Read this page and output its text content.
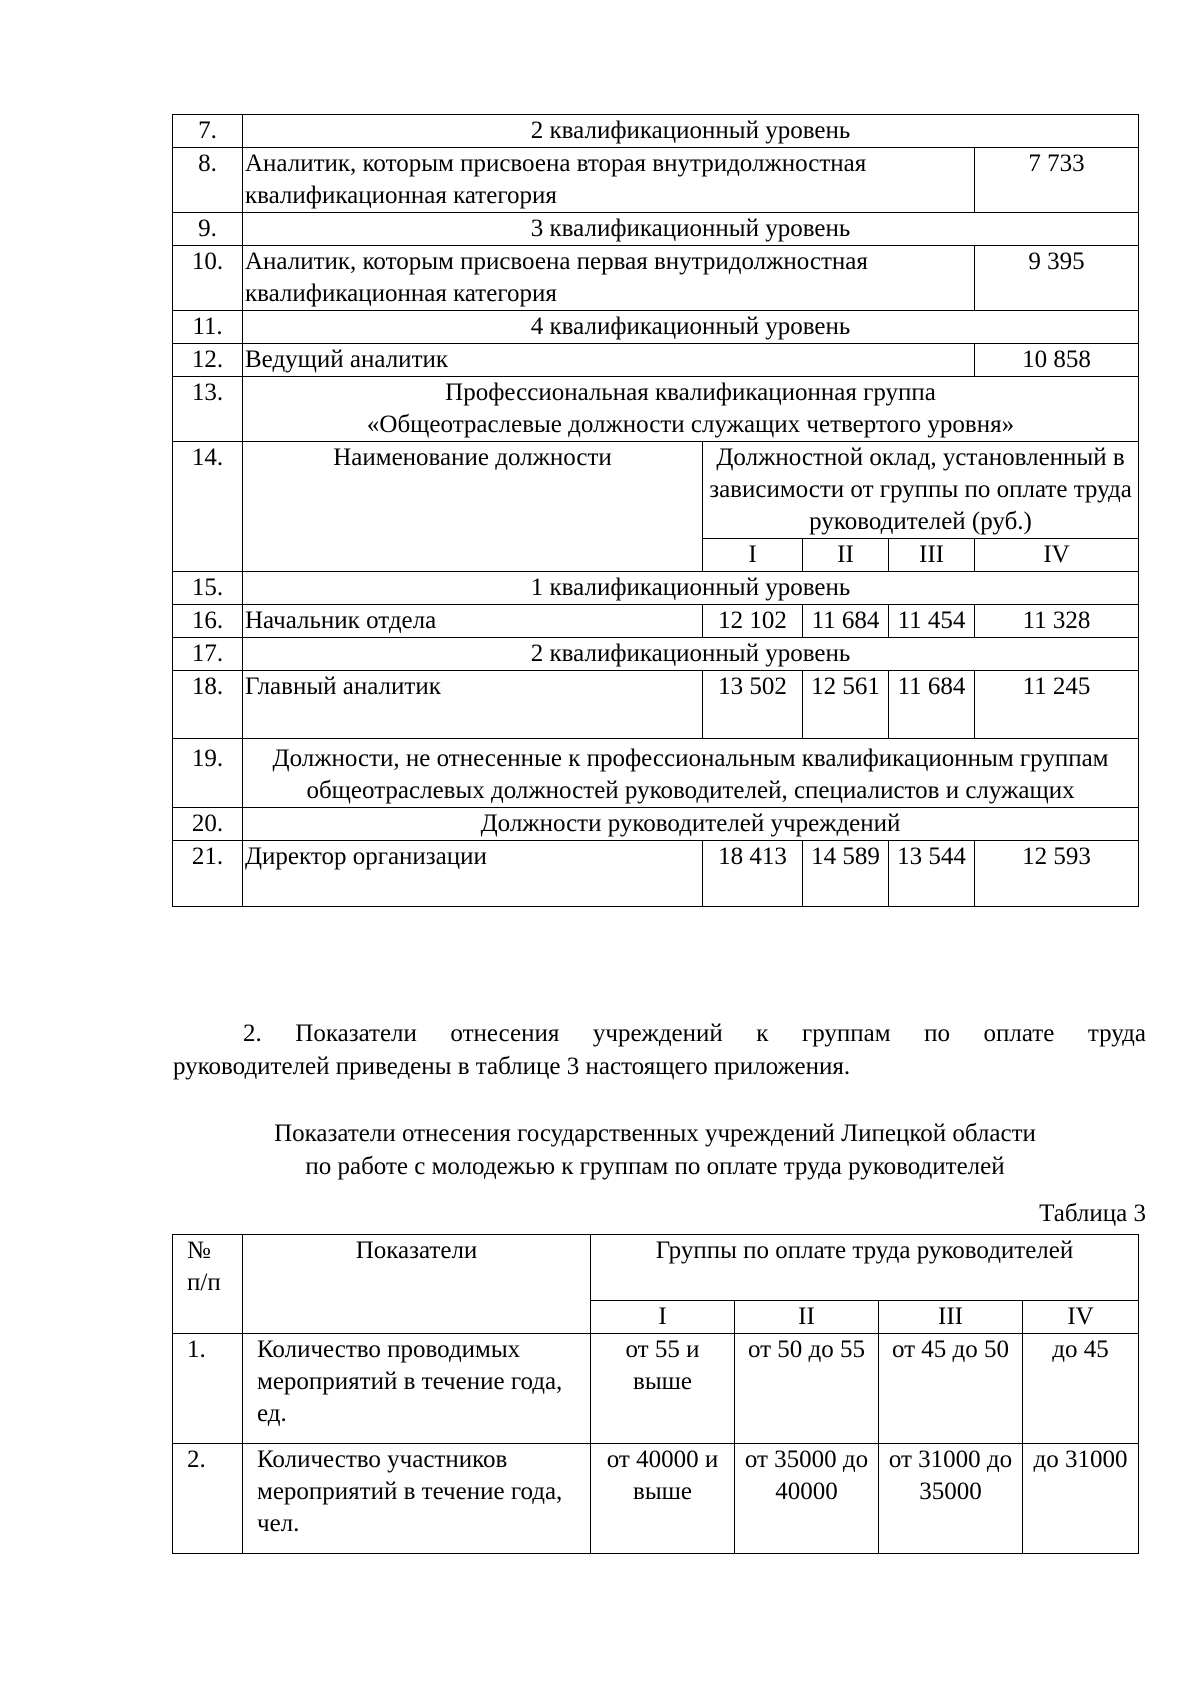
7.	2 квалификационный уровень				
8.	Аналитик, которым присвоена вторая внутридолжностная квалификационная категория				7 733
9.	3 квалификационный уровень				
10.	Аналитик, которым присвоена первая внутридолжностная квалификационная категория				9 395
11.	4 квалификационный уровень				
12.	Ведущий аналитик				10 858
13.	Профессиональная квалификационная группа
«Общеотраслевые должности служащих четвертого уровня»				

14.	Наименование должности	Должностной оклад, установленный в зависимости от группы по оплате труда руководителей (руб.)			
		I	II	III	IV
15.	1 квалификационный уровень				
16.	Начальник отдела	12 102	11 684	11 454	11 328
17.	2 квалификационный уровень				
18.	Главный аналитик	13 502	12 561	11 684	11 245
19.	Должности, не отнесенные к профессиональным квалификационным группам общеотраслевых должностей руководителей, специалистов и служащих				
20.	Должности руководителей учреждений				
21.	Директор организации	18 413	14 589	13 544	12 593
2. Показатели отнесения учреждений к группам по оплате труда
руководителей приведены в таблице 3 настоящего приложения.
Показатели отнесения государственных учреждений Липецкой области
по работе с молодежью к группам по оплате труда руководителей
Таблица 3
№
п/п	Показатели	Группы по оплате труда руководителей			
		I	II	III	IV
1.	Количество проводимых мероприятий в течение года, ед.	от 55 и выше	от 50 до 55	от 45 до 50	до 45
2.	Количество участников мероприятий в течение года, чел.	от 40000 и выше	от 35000 до 40000	от 31000 до 35000	до 31000
